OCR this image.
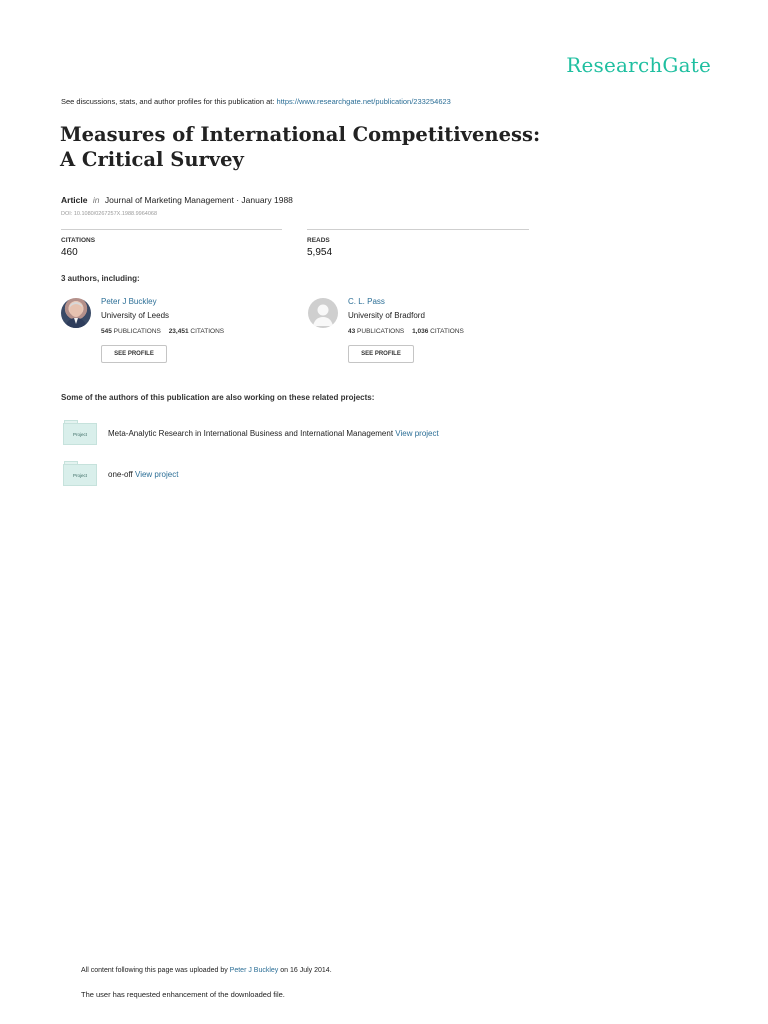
ResearchGate
See discussions, stats, and author profiles for this publication at: https://www.researchgate.net/publication/233254623
Measures of International Competitiveness: A Critical Survey
Article in Journal of Marketing Management · January 1988
DOI: 10.1080/0267257X.1988.9964068
CITATIONS
460
READS
5,954
3 authors, including:
Peter J Buckley
University of Leeds
545 PUBLICATIONS 23,451 CITATIONS
SEE PROFILE
C. L. Pass
University of Bradford
43 PUBLICATIONS 1,036 CITATIONS
SEE PROFILE
Some of the authors of this publication are also working on these related projects:
Project	Meta-Analytic Research in International Business and International Management View project
Project	one-off View project
All content following this page was uploaded by Peter J Buckley on 16 July 2014.
The user has requested enhancement of the downloaded file.
